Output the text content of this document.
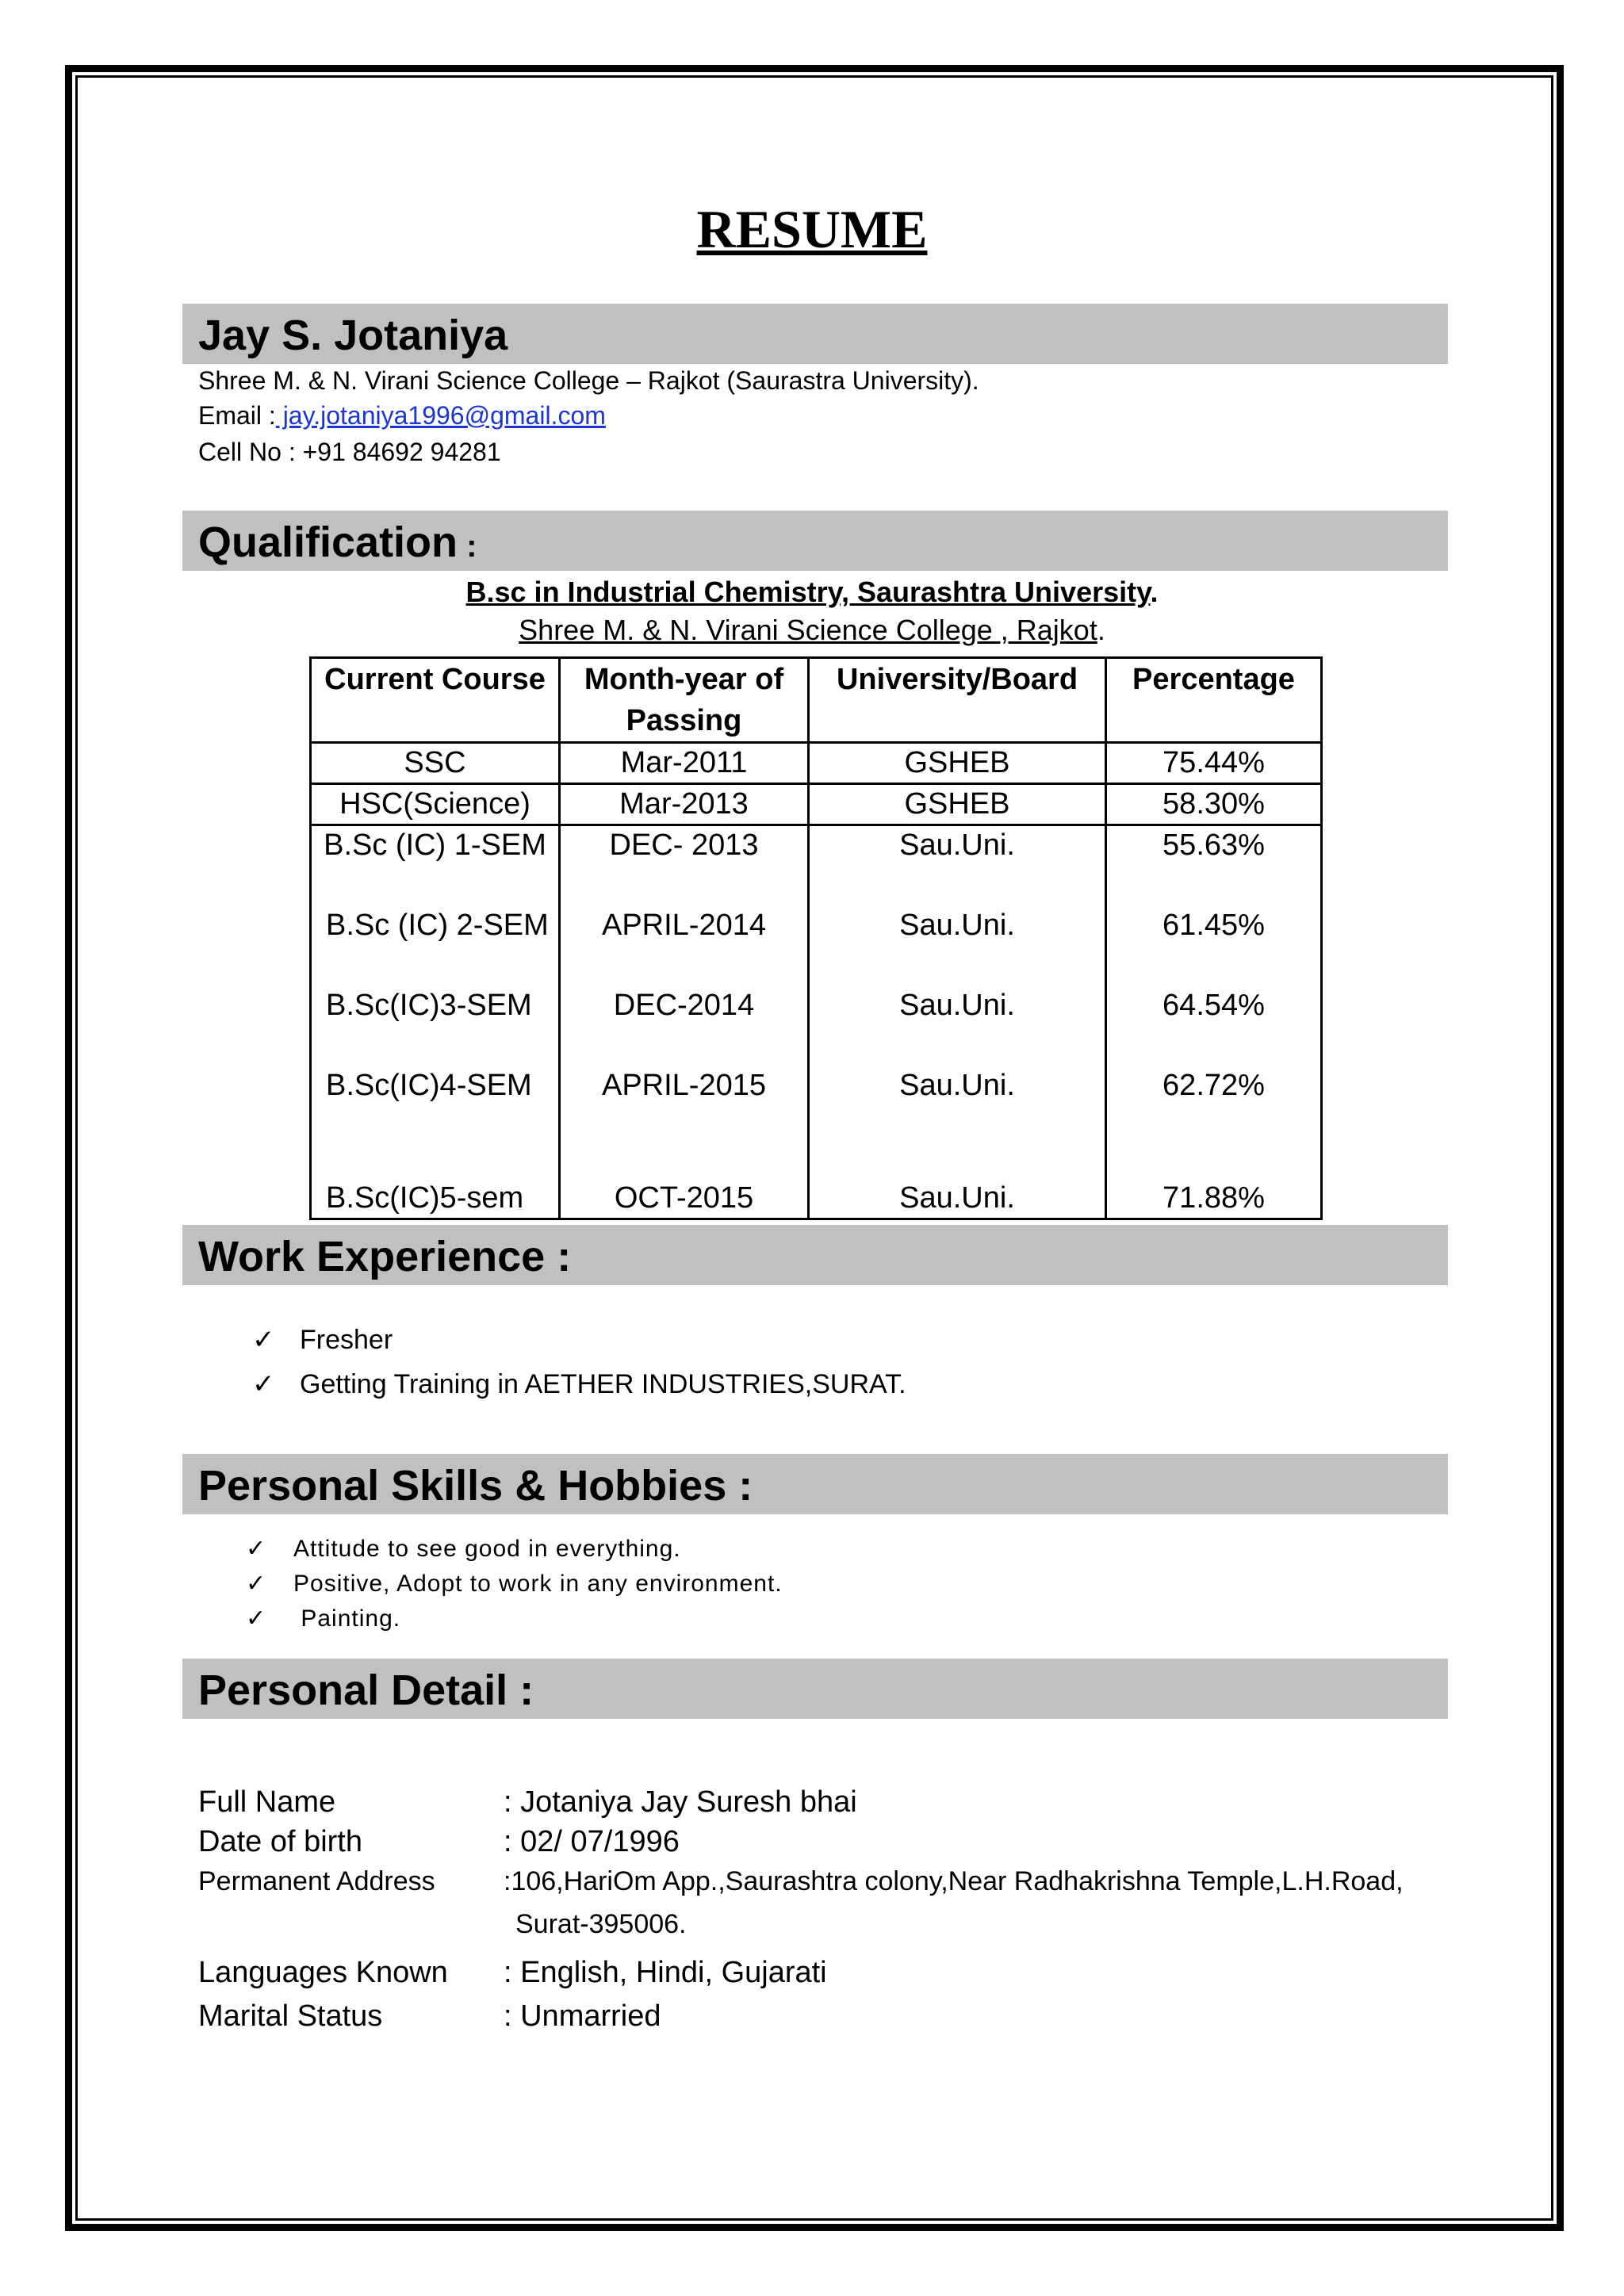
RESUME
Jay S. Jotaniya
Shree M. & N. Virani Science College – Rajkot (Saurastra University).
Email : jay.jotaniya1996@gmail.com
Cell No : +91 84692 94281
Qualification :
B.sc in Industrial Chemistry, Saurashtra University.
Shree M. & N. Virani Science College , Rajkot.
Current Course	Month-year of Passing	University/Board	Percentage
SSC	Mar-2011	GSHEB	75.44%
HSC(Science)	Mar-2013	GSHEB	58.30%
B.Sc (IC) 1-SEM	DEC- 2013	Sau.Uni.	55.63%
B.Sc (IC) 2-SEM	APRIL-2014	Sau.Uni.	61.45%
B.Sc(IC)3-SEM	DEC-2014	Sau.Uni.	64.54%
B.Sc(IC)4-SEM	APRIL-2015	Sau.Uni.	62.72%
B.Sc(IC)5-sem	OCT-2015	Sau.Uni.	71.88%
Work Experience :
✓ Fresher
✓ Getting Training in AETHER INDUSTRIES,SURAT.
Personal Skills & Hobbies :
✓ Attitude to see good in everything.
✓ Positive, Adopt to work in any environment.
✓ Painting.
Personal Detail :
Full Name	: Jotaniya Jay Suresh bhai
Date of birth	: 02/ 07/1996
Permanent Address	:106,HariOm App.,Saurashtra colony,Near Radhakrishna Temple,L.H.Road,
Surat-395006.
Languages Known : English, Hindi, Gujarati
Marital Status	: Unmarried
